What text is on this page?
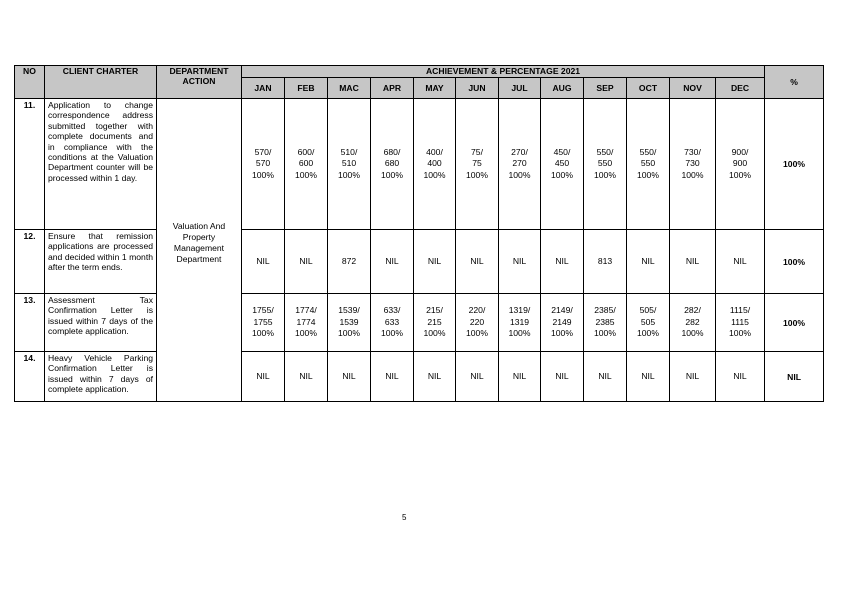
NO	CLIENT CHARTER	DEPARTMENT ACTION	ACHIEVEMENT & PERCENTAGE 2021												%
			JAN	FEB	MAC	APR	MAY	JUN	JUL	AUG	SEP	OCT	NOV	DEC	
11.	Application to change correspondence address submitted together with complete documents and in compliance with the conditions at the Valuation Department counter will be processed within 1 day.	Valuation And Property Management Department	570/
570
100%	600/
600
100%	510/
510
100%	680/
680
100%	400/
400
100%	75/
75
100%	270/
270
100%	450/
450
100%	550/
550
100%	550/
550
100%	730/
730
100%	900/
900
100%	100%
12.	Ensure that remission applications are processed and decided within 1 month after the term ends.		NIL	NIL	872	NIL	NIL	NIL	NIL	NIL	813	NIL	NIL	NIL	100%
13.	Assessment Tax Confirmation Letter is issued within 7 days of the complete application.		1755/
1755
100%	1774/
1774
100%	1539/
1539
100%	633/
633
100%	215/
215
100%	220/
220
100%	1319/
1319
100%	2149/
2149
100%	2385/
2385
100%	505/
505
100%	282/
282
100%	1115/
1115
100%	100%
14.	Heavy Vehicle Parking Confirmation Letter is issued within 7 days of complete application.		NIL	NIL	NIL	NIL	NIL	NIL	NIL	NIL	NIL	NIL	NIL	NIL	NIL
5
